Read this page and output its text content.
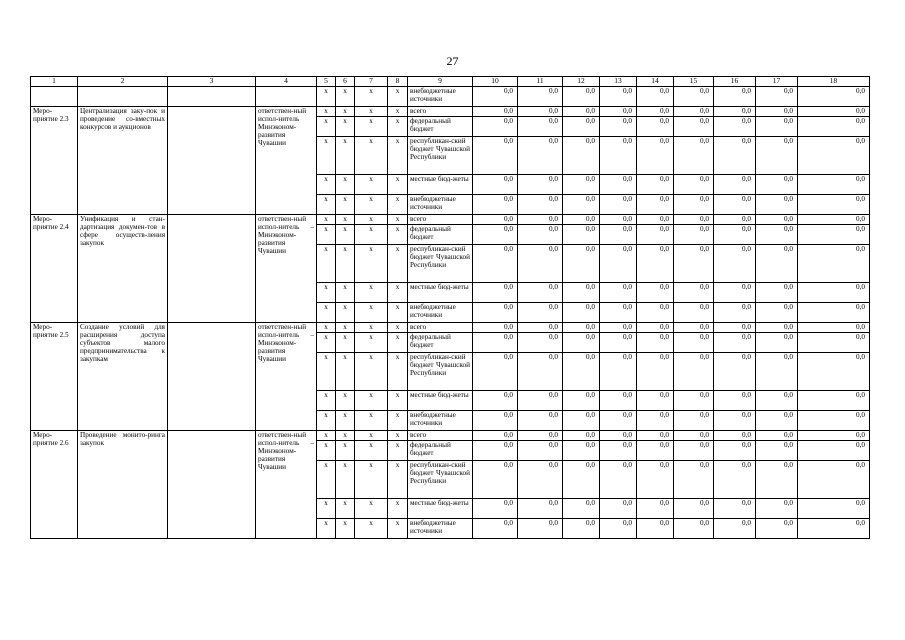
27
1	2	3	4	5	6	7	8	9	10	11	12	13	14	15	16	17	18
				x	x	x	x	внебюджетные источники	0,0	0,0	0,0	0,0	0,0	0,0	0,0	0,0	0,0
Меро-приятие 2.3	Централизация заку-пок и проведение со-вместных конкурсов и аукционов		ответствен-ный испол-нитель Минэконом-развития Чувашии	x	x	x	x	всего	0,0	0,0	0,0	0,0	0,0	0,0	0,0	0,0	0,0
				x	x	x	x	федеральный бюджет	0,0	0,0	0,0	0,0	0,0	0,0	0,0	0,0	0,0
				x	x	x	x	республикан-ский бюджет Чувашской Республики	0,0	0,0	0,0	0,0	0,0	0,0	0,0	0,0	0,0
				x	x	x	x	местные бюд-жеты	0,0	0,0	0,0	0,0	0,0	0,0	0,0	0,0	0,0
				x	x	x	x	внебюджетные источники	0,0	0,0	0,0	0,0	0,0	0,0	0,0	0,0	0,0
Меро-приятие 2.4	Унификация и стан-дартизация докумен-тов в сфере осуществ-ления закупок		ответствен-ный испол-нитель – Минэконом-развития Чувашии	x	x	x	x	всего	0,0	0,0	0,0	0,0	0,0	0,0	0,0	0,0	0,0
				x	x	x	x	федеральный бюджет	0,0	0,0	0,0	0,0	0,0	0,0	0,0	0,0	0,0
				x	x	x	x	республикан-ский бюджет Чувашской Республики	0,0	0,0	0,0	0,0	0,0	0,0	0,0	0,0	0,0
				x	x	x	x	местные бюд-жеты	0,0	0,0	0,0	0,0	0,0	0,0	0,0	0,0	0,0
				x	x	x	x	внебюджетные источники	0,0	0,0	0,0	0,0	0,0	0,0	0,0	0,0	0,0
Меро-приятие 2.5	Создание условий для расширения доступа субъектов малого предпринимательства к закупкам		ответствен-ный испол-нитель – Минэконом-развития Чувашии	x	x	x	x	всего	0,0	0,0	0,0	0,0	0,0	0,0	0,0	0,0	0,0
				x	x	x	x	федеральный бюджет	0,0	0,0	0,0	0,0	0,0	0,0	0,0	0,0	0,0
				x	x	x	x	республикан-ский бюджет Чувашской Республики	0,0	0,0	0,0	0,0	0,0	0,0	0,0	0,0	0,0
				x	x	x	x	местные бюд-жеты	0,0	0,0	0,0	0,0	0,0	0,0	0,0	0,0	0,0
				x	x	x	x	внебюджетные источники	0,0	0,0	0,0	0,0	0,0	0,0	0,0	0,0	0,0
Меро-приятие 2.6	Проведение монито-ринга закупок		ответствен-ный испол-нитель – Минэконом-развития Чувашии	x	x	x	x	всего	0,0	0,0	0,0	0,0	0,0	0,0	0,0	0,0	0,0
				x	x	x	x	федеральный бюджет	0,0	0,0	0,0	0,0	0,0	0,0	0,0	0,0	0,0
				x	x	x	x	республикан-ский бюджет Чувашской Республики	0,0	0,0	0,0	0,0	0,0	0,0	0,0	0,0	0,0
				x	x	x	x	местные бюд-жеты	0,0	0,0	0,0	0,0	0,0	0,0	0,0	0,0	0,0
				x	x	x	x	внебюджетные источники	0,0	0,0	0,0	0,0	0,0	0,0	0,0	0,0	0,0
